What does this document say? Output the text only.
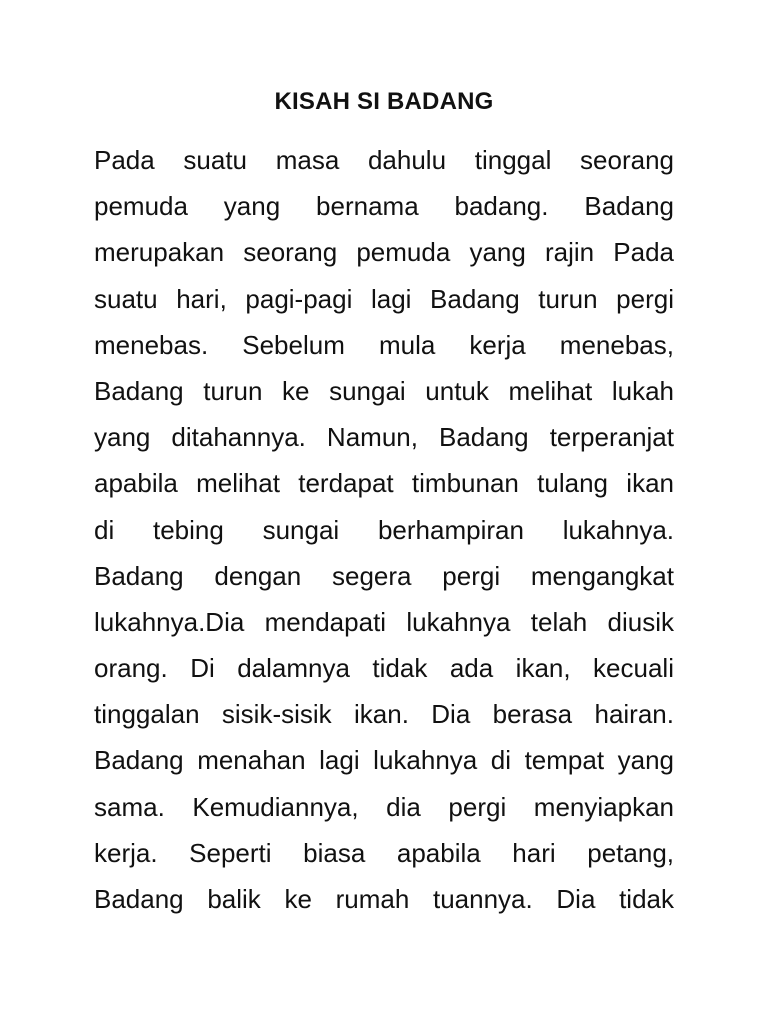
KISAH SI BADANG
Pada suatu masa dahulu tinggal seorang
pemuda yang bernama badang. Badang
merupakan seorang pemuda yang rajin Pada
suatu hari, pagi-pagi lagi Badang turun pergi
menebas. Sebelum mula kerja menebas,
Badang turun ke sungai untuk melihat lukah
yang ditahannya. Namun, Badang terperanjat
apabila melihat terdapat timbunan tulang ikan
di tebing sungai berhampiran lukahnya.
Badang dengan segera pergi mengangkat
lukahnya.Dia mendapati lukahnya telah diusik
orang. Di dalamnya tidak ada ikan, kecuali
tinggalan sisik-sisik ikan. Dia berasa hairan.
Badang menahan lagi lukahnya di tempat yang
sama. Kemudiannya, dia pergi menyiapkan
kerja. Seperti biasa apabila hari petang,
Badang balik ke rumah tuannya. Dia tidak
